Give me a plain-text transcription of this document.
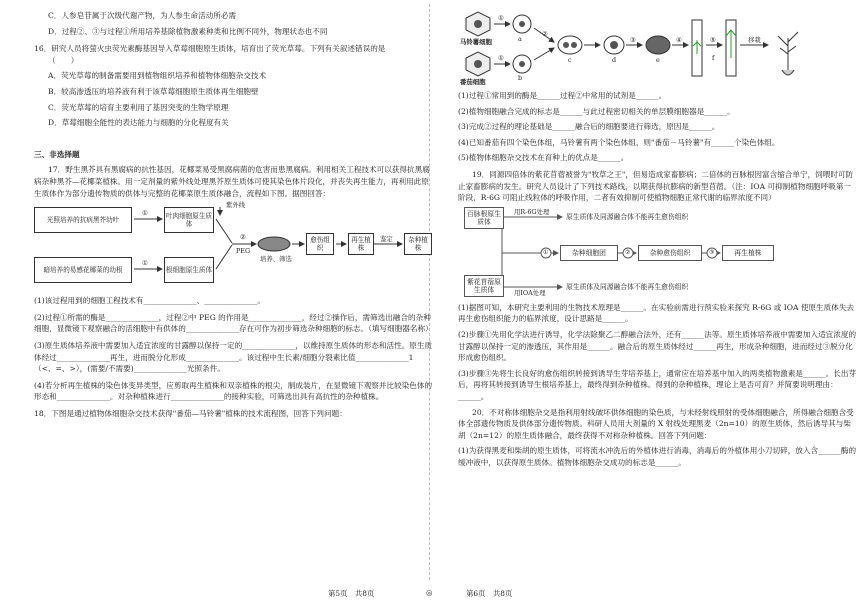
C．人参皂苷属于次级代谢产物，为人参生命活动所必需

D．过程②、③与过程①所用培养基除植物激素种类和比例不同外，物理状态也不同

16．研究人员将萤火虫荧光素酶基因导入草莓细胞原生质体，培育出了荧光草莓。下列有关叙述错误的是

（　　）

A．荧光草莓的制备需要用到植物组织培养和植物体细胞杂交技术

B．较高渗透压的培养液有利于该草莓细胞原生质体再生细胞壁

C．荧光草莓的培育主要利用了基因突变的生物学原理

D．草莓细胞全能性的表达能力与细胞的分化程度有关

三、非选择题

17．野生黑芥具有黑腐病的抗性基因，花椰菜易受黑腐病菌的危害而患黑腐病。利用相关工程技术可以获得抗黑腐病杂种黑芥—花椰菜植株。用一定剂量的紫外线处理黑芥原生质体可使其染色体片段化，并丧失再生能力，再利用此原生质体作为部分遗传物质的供体与完整的花椰菜原生质体融合，流程如下图。据图回答：

光照培养的抗病黑芥幼叶	叶肉细胞原生质体
紫外线
暗培养的易感花椰菜的幼根	根细胞原生质体
①
①
②
PEG
培养、筛选
愈伤组织
再生植株
鉴定	杂种植株

(1)该过程用到的细胞工程技术有______________、______________。

(2)过程①所需的酶是______________，过程②中 PEG 的作用是______________，经过②操作后，需筛选出融合的杂种细胞，显微镜下观察融合的活细胞中有供体的______________存在可作为初步筛选杂种细胞的标志。（填写细胞器名称）

(3)原生质体培养液中需要加入适宜浓度的甘露醇以保持一定的______________，以维持原生质体的形态和活性。原生质体经过______________再生，进而脱分化形成______________。该过程中生长素/细胞分裂素比值______________1（<、=、>），(需要/不需要)______________光照条件。

(4)若分析再生植株的染色体变异类型，应剪取再生植株和双亲植株的根尖，制成装片，在显微镜下观察并比较染色体的形态和______________。对杂种植株进行______________的接种实验，可筛选出具有高抗性的杂种植株。

18．下图是通过植物体细胞杂交技术获得"番茄—马铃薯"植株的技术流程图，回答下列问题：

马铃薯细胞
番茄细胞
①
①
a
b
②
c	d
③
e
④	⑤
f
移栽

(1)过程①常用到的酶是______过程②中常用的试剂是______。

(2)植物细胞融合完成的标志是______与此过程密切相关的单层膜细胞器是______。

(3)完成②过程的理论基础是______融合后的细胞要进行筛选，原因是______。

(4)已知番茄有四个染色体组，马铃薯有两个染色体组，则"番茄－马铃薯"有______个染色体组。

(5)植物体细胞杂交技术在育种上的优点是______。

19．同源四倍体的紫花苜蓿被誉为"牧草之王"，但易造成家畜膨病；二倍体的百脉根因富含缩合单宁，饲喂时可防止家畜膨病的发生。研究人员设计了下列技术路线，以期获得抗膨病的新型苜蓿。（注：IOA 可抑制植物细胞呼吸第一阶段，R-6G 可阻止线粒体的呼吸作用，二者有效抑制可使植物细胞正常代谢的临界浓度不同）

百脉根原生质体
用R-6G处理
原生质体及同源融合体不能再生愈伤组织
紫花苜蓿原生质体	用IOA处理
原生质体及同源融合体不能再生愈伤组织
①	杂种细胞团	②	杂种愈伤组织	③	再生植株

(1)据图可知，本研究主要利用的生物技术原理是______。在实验前需进行预实验来探究 R-6G 或 IOA 使原生质体失去再生愈伤组织能力的临界浓度，设计思路是______。

(2)步骤①先用化学法进行诱导，化学法除聚乙二醇融合法外，还有______法等。原生质体培养液中需要加入适宜浓度的甘露醇以保持一定的渗透压，其作用是______。融合后的原生质体经过______再生，形成杂种细胞，进而经过③脱分化形成愈伤组织。

(3)步骤③先将生长良好的愈伤组织转接到诱导生芽培养基上，通常应在培养基中加入的两类植物激素是______。长出芽后，再将其转接到诱导生根培养基上，最终得到杂种植株。得到的杂种植株，理论上是否可育？并简要说明理由：______。

20．不对称体细胞杂交是指利用射线破坏供体细胞的染色质，与未经射线照射的受体细胞融合，所得融合细胞含受体全部遗传物质及供体部分遗传物质。科研人员用大剂量的 X 射线处理黑麦（2n=10）的原生质体，然后诱导其与柴胡（2n=12）的原生质体融合，最终获得不对称杂种植株。回答下列问题：

(1)为获得黑麦和柴胡的原生质体，可将流水冲洗后的外植体进行消毒，消毒后的外植体用小刀切碎，放入含______酶的缓冲液中，以获得原生质体。植物体细胞杂交成功的标志是______。

第5页　共8页	◎	第6页　共8页
